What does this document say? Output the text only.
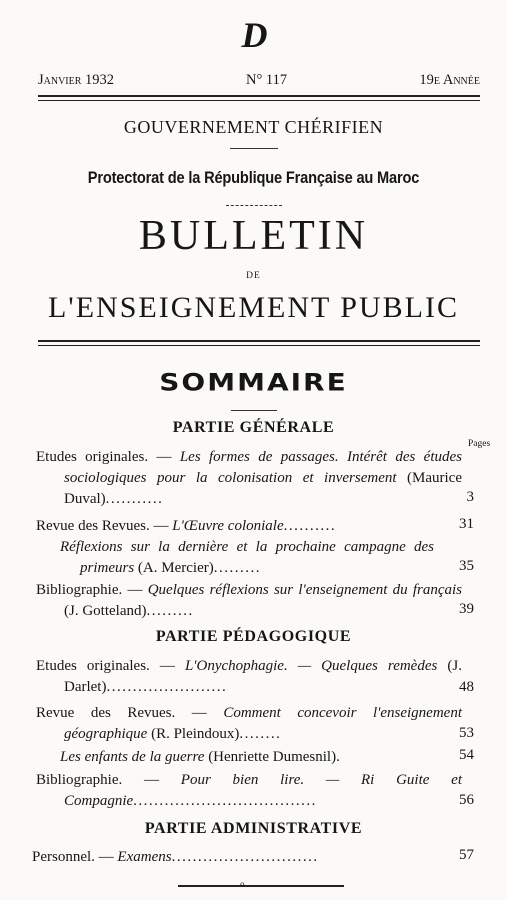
D
Janvier 1932	N° 117	19e Année
GOUVERNEMENT CHÉRIFIEN
Protectorat de la République Française au Maroc
BULLETIN
DE
L'ENSEIGNEMENT PUBLIC
SOMMAIRE
PARTIE GÉNÉRALE
Pages
Etudes originales. — Les formes de passages. Intérêt des études sociologiques pour la colonisation et inversement (Maurice Duval)...........	3
Revue des Revues. — L'Œuvre coloniale..........	31
Réflexions sur la dernière et la prochaine campagne des primeurs (A. Mercier).........	35
Bibliographie. — Quelques réflexions sur l'enseignement du français (J. Gotteland).........	39
PARTIE PÉDAGOGIQUE
Etudes originales. — L'Onychophagie. — Quelques remèdes (J. Darlet).......................	48
Revue des Revues. — Comment concevoir l'enseignement géographique (R. Pleindoux)........	53
Les enfants de la guerre (Henriette Dumesnil).	54
Bibliographie. — Pour bien lire. — Ri Guite et Compagnie...................................	56
PARTIE ADMINISTRATIVE
Personnel. — Examens............................	57
o
